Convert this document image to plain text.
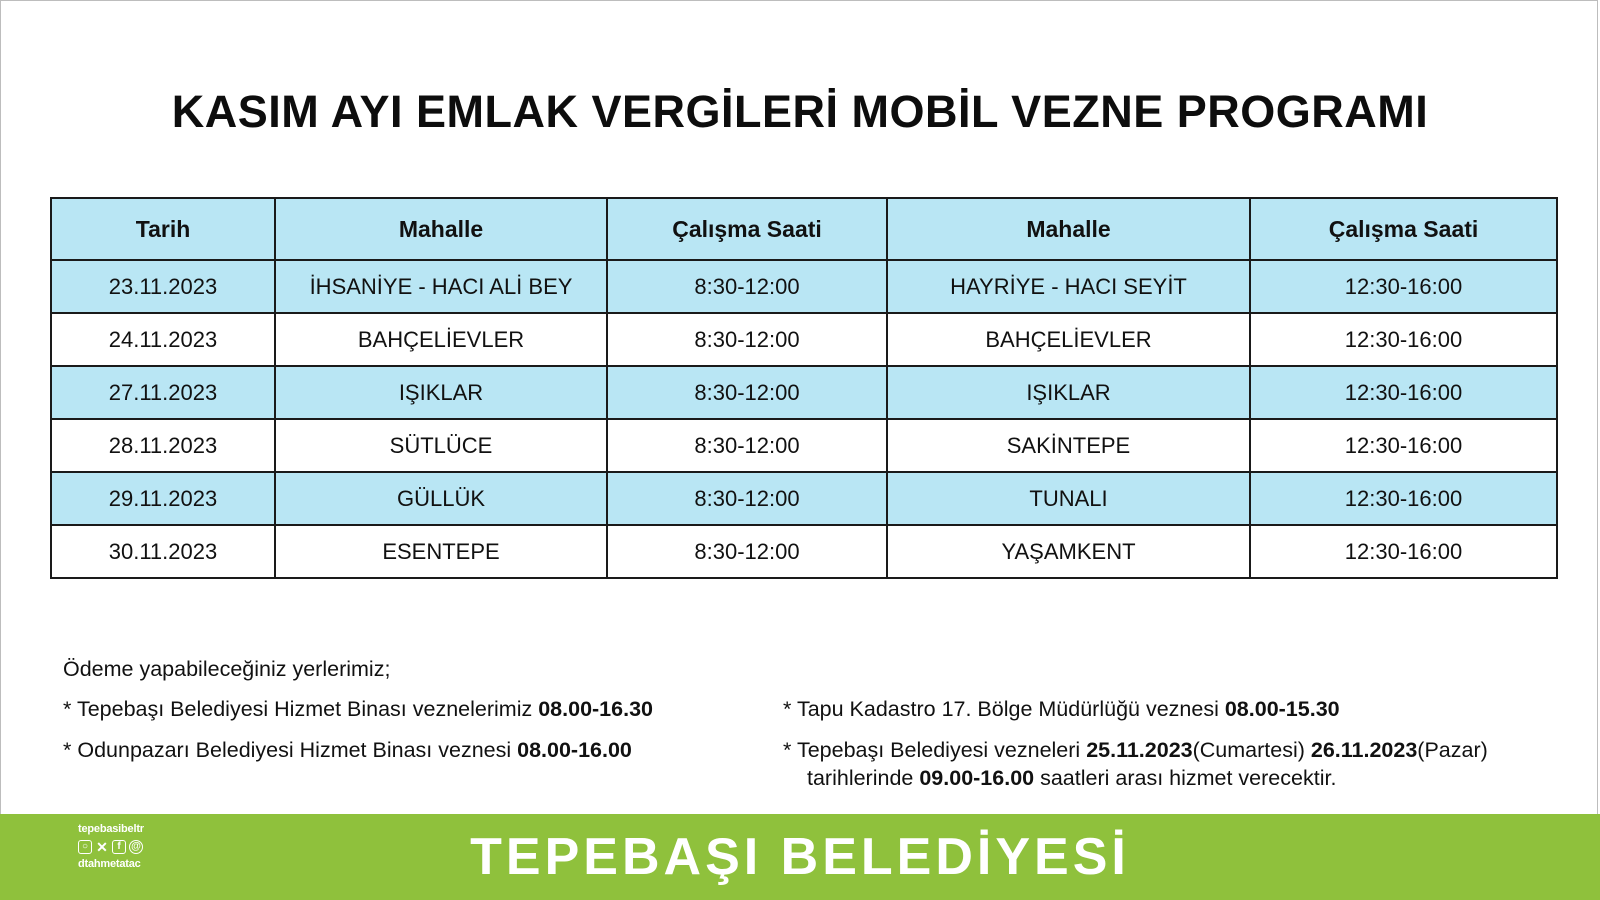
KASIM AYI EMLAK VERGİLERİ MOBİL VEZNE PROGRAMI
Tarih	Mahalle	Çalışma Saati	Mahalle	Çalışma Saati
23.11.2023	İHSANİYE - HACI ALİ BEY	8:30-12:00	HAYRİYE - HACI SEYİT	12:30-16:00
24.11.2023	BAHÇELİEVLER	8:30-12:00	BAHÇELİEVLER	12:30-16:00
27.11.2023	IŞIKLAR	8:30-12:00	IŞIKLAR	12:30-16:00
28.11.2023	SÜTLÜCE	8:30-12:00	SAKİNTEPE	12:30-16:00
29.11.2023	GÜLLÜK	8:30-12:00	TUNALI	12:30-16:00
30.11.2023	ESENTEPE	8:30-12:00	YAŞAMKENT	12:30-16:00
Ödeme yapabileceğiniz yerlerimiz;
* Tepebaşı Belediyesi Hizmet Binası veznelerimiz 08.00-16.30
* Odunpazarı Belediyesi Hizmet Binası veznesi 08.00-16.00
* Tapu Kadastro 17. Bölge Müdürlüğü veznesi 08.00-15.30
* Tepebaşı Belediyesi vezneleri 25.11.2023(Cumartesi) 26.11.2023(Pazar)
tarihlerinde 09.00-16.00 saatleri arası hizmet verecektir.
tepebasibeltr
○ ✕ f	@
dtahmetatac	TEPEBAŞI BELEDİYESİ
